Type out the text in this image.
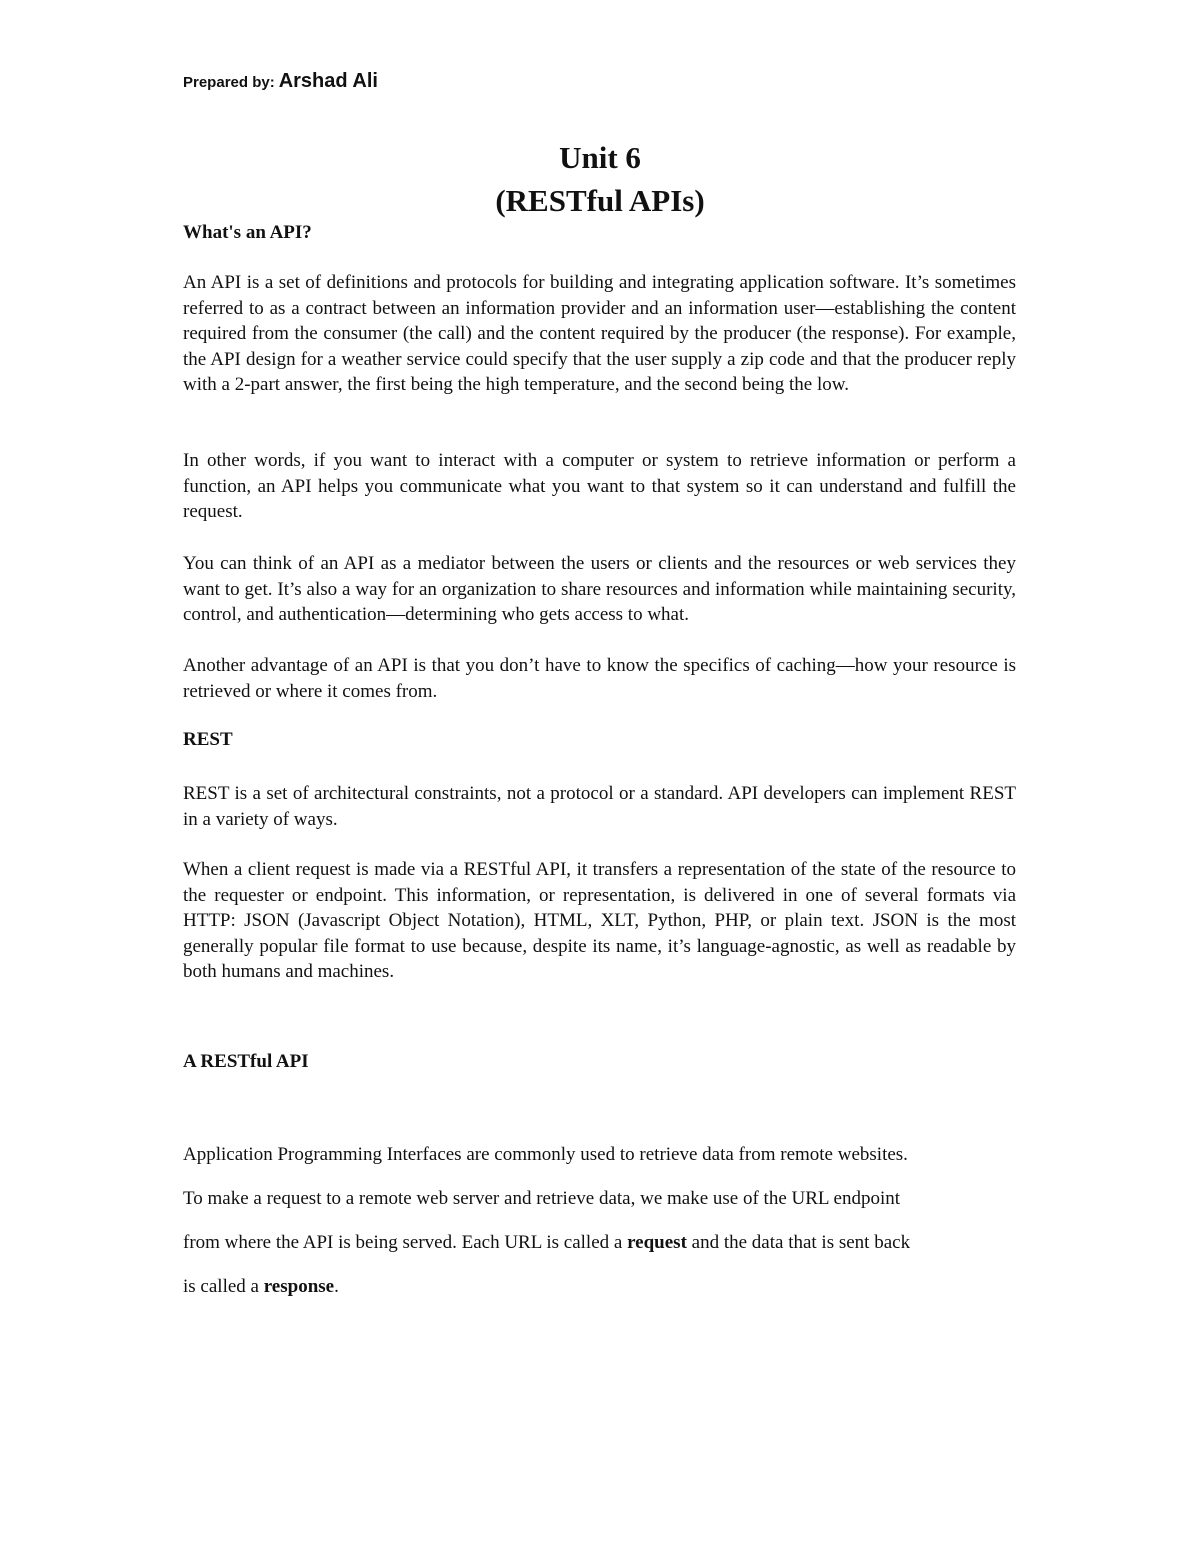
Prepared by: Arshad Ali
Unit 6
(RESTful APIs)
What's an API?

An API is a set of definitions and protocols for building and integrating application software. It’s sometimes referred to as a contract between an information provider and an information user—establishing the content required from the consumer (the call) and the content required by the producer (the response). For example, the API design for a weather service could specify that the user supply a zip code and that the producer reply with a 2-part answer, the first being the high temperature, and the second being the low.

In other words, if you want to interact with a computer or system to retrieve information or perform a function, an API helps you communicate what you want to that system so it can understand and fulfill the request.

You can think of an API as a mediator between the users or clients and the resources or web services they want to get. It’s also a way for an organization to share resources and information while maintaining security, control, and authentication—determining who gets access to what.

Another advantage of an API is that you don’t have to know the specifics of caching—how your resource is retrieved or where it comes from.

REST

REST is a set of architectural constraints, not a protocol or a standard. API developers can implement REST in a variety of ways.

When a client request is made via a RESTful API, it transfers a representation of the state of the resource to the requester or endpoint. This information, or representation, is delivered in one of several formats via HTTP: JSON (Javascript Object Notation), HTML, XLT, Python, PHP, or plain text. JSON is the most generally popular file format to use because, despite its name, it’s language-agnostic, as well as readable by both humans and machines.

A RESTful API
Application Programming Interfaces are commonly used to retrieve data from remote websites.
To make a request to a remote web server and retrieve data, we make use of the URL endpoint
from where the API is being served. Each URL is called a request and the data that is sent back
is called a response.
